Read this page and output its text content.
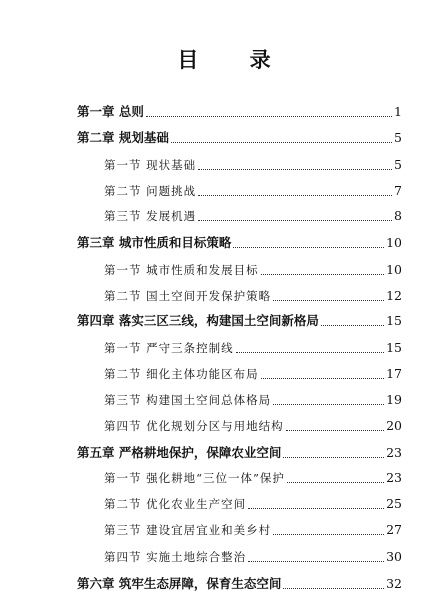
目 录
第一章 总则	1
第二章 规划基础	5
第一节 现状基础	5
第二节 问题挑战	7
第三节 发展机遇	8
第三章 城市性质和目标策略	10
第一节 城市性质和发展目标	10
第二节 国土空间开发保护策略	12
第四章 落实三区三线，构建国土空间新格局	15
第一节 严守三条控制线	15
第二节 细化主体功能区布局	17
第三节 构建国土空间总体格局	19
第四节 优化规划分区与用地结构	20
第五章 严格耕地保护，保障农业空间	23
第一节 强化耕地“三位一体”保护	23
第二节 优化农业生产空间	25
第三节 建设宜居宜业和美乡村	27
第四节 实施土地综合整治	30
第六章 筑牢生态屏障，保育生态空间	32
